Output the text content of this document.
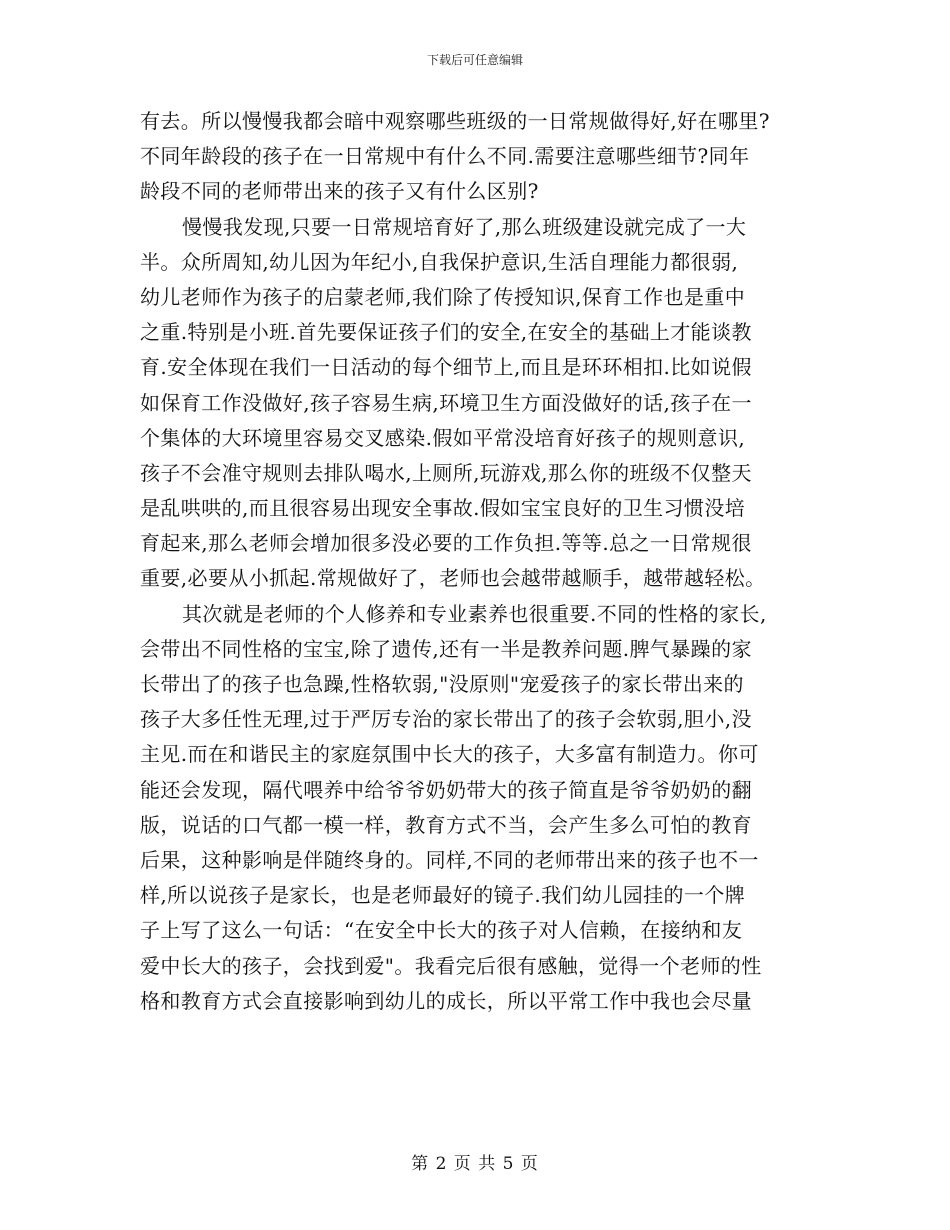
下载后可任意编辑
有去。所以慢慢我都会暗中观察哪些班级的一日常规做得好,好在哪里?
不同年龄段的孩子在一日常规中有什么不同.需要注意哪些细节?同年
龄段不同的老师带出来的孩子又有什么区别?
慢慢我发现,只要一日常规培育好了,那么班级建设就完成了一大
半。众所周知,幼儿因为年纪小,自我保护意识,生活自理能力都很弱,
幼儿老师作为孩子的启蒙老师,我们除了传授知识,保育工作也是重中
之重.特别是小班.首先要保证孩子们的安全,在安全的基础上才能谈教
育.安全体现在我们一日活动的每个细节上,而且是环环相扣.比如说假
如保育工作没做好,孩子容易生病,环境卫生方面没做好的话,孩子在一
个集体的大环境里容易交叉感染.假如平常没培育好孩子的规则意识,
孩子不会准守规则去排队喝水,上厕所,玩游戏,那么你的班级不仅整天
是乱哄哄的,而且很容易出现安全事故.假如宝宝良好的卫生习惯没培
育起来,那么老师会增加很多没必要的工作负担.等等.总之一日常规很
重要,必要从小抓起.常规做好了，老师也会越带越顺手，越带越轻松。
其次就是老师的个人修养和专业素养也很重要.不同的性格的家长,
会带出不同性格的宝宝,除了遗传,还有一半是教养问题.脾气暴躁的家
长带出了的孩子也急躁,性格软弱,"没原则"宠爱孩子的家长带出来的
孩子大多任性无理,过于严厉专治的家长带出了的孩子会软弱,胆小,没
主见.而在和谐民主的家庭氛围中长大的孩子，大多富有制造力。你可
能还会发现，隔代喂养中给爷爷奶奶带大的孩子简直是爷爷奶奶的翻
版，说话的口气都一模一样，教育方式不当，会产生多么可怕的教育
后果，这种影响是伴随终身的。同样,不同的老师带出来的孩子也不一
样,所以说孩子是家长，也是老师最好的镜子.我们幼儿园挂的一个牌
子上写了这么一句话：“在安全中长大的孩子对人信赖，在接纳和友
爱中长大的孩子，会找到爱"。我看完后很有感触，觉得一个老师的性
格和教育方式会直接影响到幼儿的成长，所以平常工作中我也会尽量
第 2 页 共 5 页
